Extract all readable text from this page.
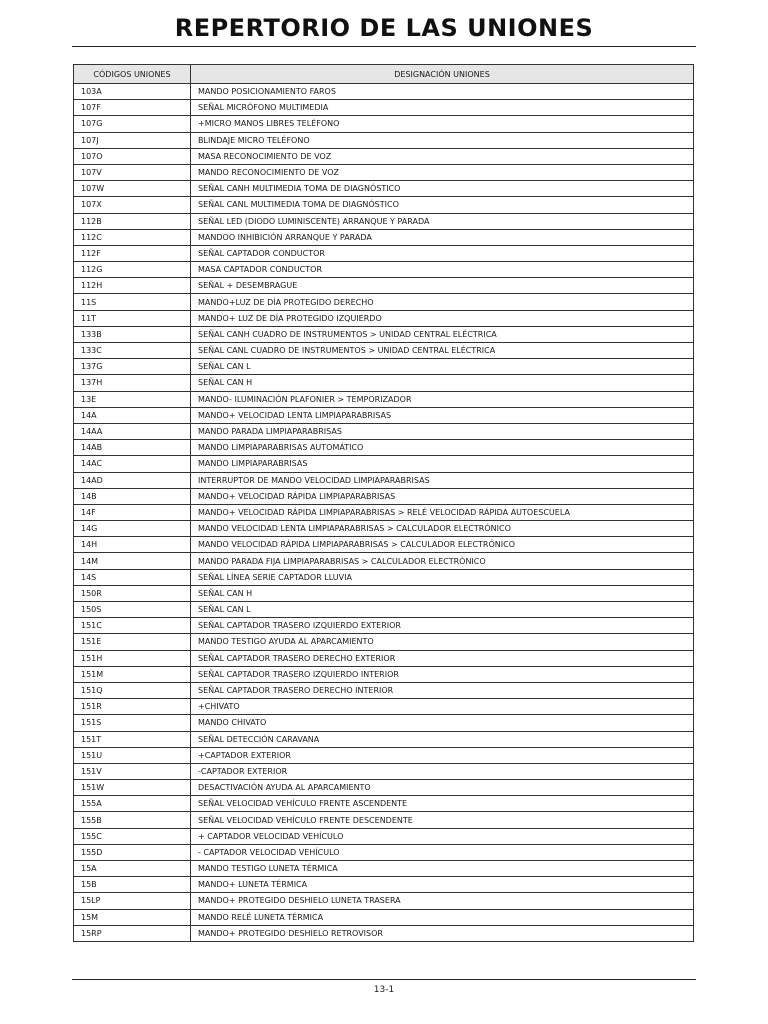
REPERTORIO DE LAS UNIONES
CÓDIGOS UNIONES	DESIGNACIÓN UNIONES
103A	MANDO POSICIONAMIENTO FAROS
107F	SEÑAL MICRÓFONO MULTIMEDIA
107G	+MICRO MANOS LIBRES TELÉFONO
107J	BLINDAJE MICRO TELÉFONO
107O	MASA RECONOCIMIENTO DE VOZ
107V	MANDO RECONOCIMIENTO DE VOZ
107W	SEÑAL CANH MULTIMEDIA TOMA DE DIAGNÓSTICO
107X	SEÑAL CANL MULTIMEDIA TOMA DE DIAGNÓSTICO
112B	SEÑAL LED (DIODO LUMINISCENTE) ARRANQUE Y PARADA
112C	MANDOO INHIBICIÓN ARRANQUE Y PARADA
112F	SEÑAL CAPTADOR CONDUCTOR
112G	MASA CAPTADOR CONDUCTOR
112H	SEÑAL + DESEMBRAGUE
11S	MANDO+LUZ DE DÍA PROTEGIDO DERECHO
11T	MANDO+ LUZ DE DÍA PROTEGIDO IZQUIERDO
133B	SEÑAL CANH CUADRO DE INSTRUMENTOS > UNIDAD CENTRAL ELÉCTRICA
133C	SEÑAL CANL CUADRO DE INSTRUMENTOS > UNIDAD CENTRAL ELÉCTRICA
137G	SEÑAL CAN L
137H	SEÑAL CAN H
13E	MANDO- ILUMINACIÓN PLAFONIER > TEMPORIZADOR
14A	MANDO+ VELOCIDAD LENTA LIMPIAPARABRISAS
14AA	MANDO PARADA LIMPIAPARABRISAS
14AB	MANDO LIMPIAPARABRISAS AUTOMÁTICO
14AC	MANDO LIMPIAPARABRISAS
14AD	INTERRUPTOR DE MANDO VELOCIDAD LIMPIAPARABRISAS
14B	MANDO+ VELOCIDAD RÁPIDA LIMPIAPARABRISAS
14F	MANDO+ VELOCIDAD RÁPIDA LIMPIAPARABRISAS > RELÉ VELOCIDAD RÁPIDA AUTOESCUELA
14G	MANDO VELOCIDAD LENTA LIMPIAPARABRISAS > CALCULADOR ELECTRÓNICO
14H	MANDO VELOCIDAD RÁPIDA LIMPIAPARABRISAS > CALCULADOR ELECTRÓNICO
14M	MANDO PARADA FIJA LIMPIAPARABRISAS > CALCULADOR ELECTRÓNICO
14S	SEÑAL LÍNEA SERIE CAPTADOR LLUVIA
150R	SEÑAL CAN H
150S	SEÑAL CAN L
151C	SEÑAL CAPTADOR TRASERO IZQUIERDO EXTERIOR
151E	MANDO TESTIGO AYUDA AL APARCAMIENTO
151H	SEÑAL CAPTADOR TRASERO DERECHO EXTERIOR
151M	SEÑAL CAPTADOR TRASERO IZQUIERDO INTERIOR
151Q	SEÑAL CAPTADOR TRASERO DERECHO INTERIOR
151R	+CHIVATO
151S	MANDO CHIVATO
151T	SEÑAL DETECCIÓN CARAVANA
151U	+CAPTADOR EXTERIOR
151V	-CAPTADOR EXTERIOR
151W	DESACTIVACIÓN AYUDA AL APARCAMIENTO
155A	SEÑAL VELOCIDAD VEHÍCULO FRENTE ASCENDENTE
155B	SEÑAL VELOCIDAD VEHÍCULO FRENTE DESCENDENTE
155C	+ CAPTADOR VELOCIDAD VEHÍCULO
155D	- CAPTADOR VELOCIDAD VEHÍCULO
15A	MANDO TESTIGO LUNETA TÉRMICA
15B	MANDO+ LUNETA TÉRMICA
15LP	MANDO+ PROTEGIDO DESHIELO LUNETA TRASERA
15M	MANDO RELÉ LUNETA TÉRMICA
15RP	MANDO+ PROTEGIDO DESHIELO RETROVISOR
13-1
